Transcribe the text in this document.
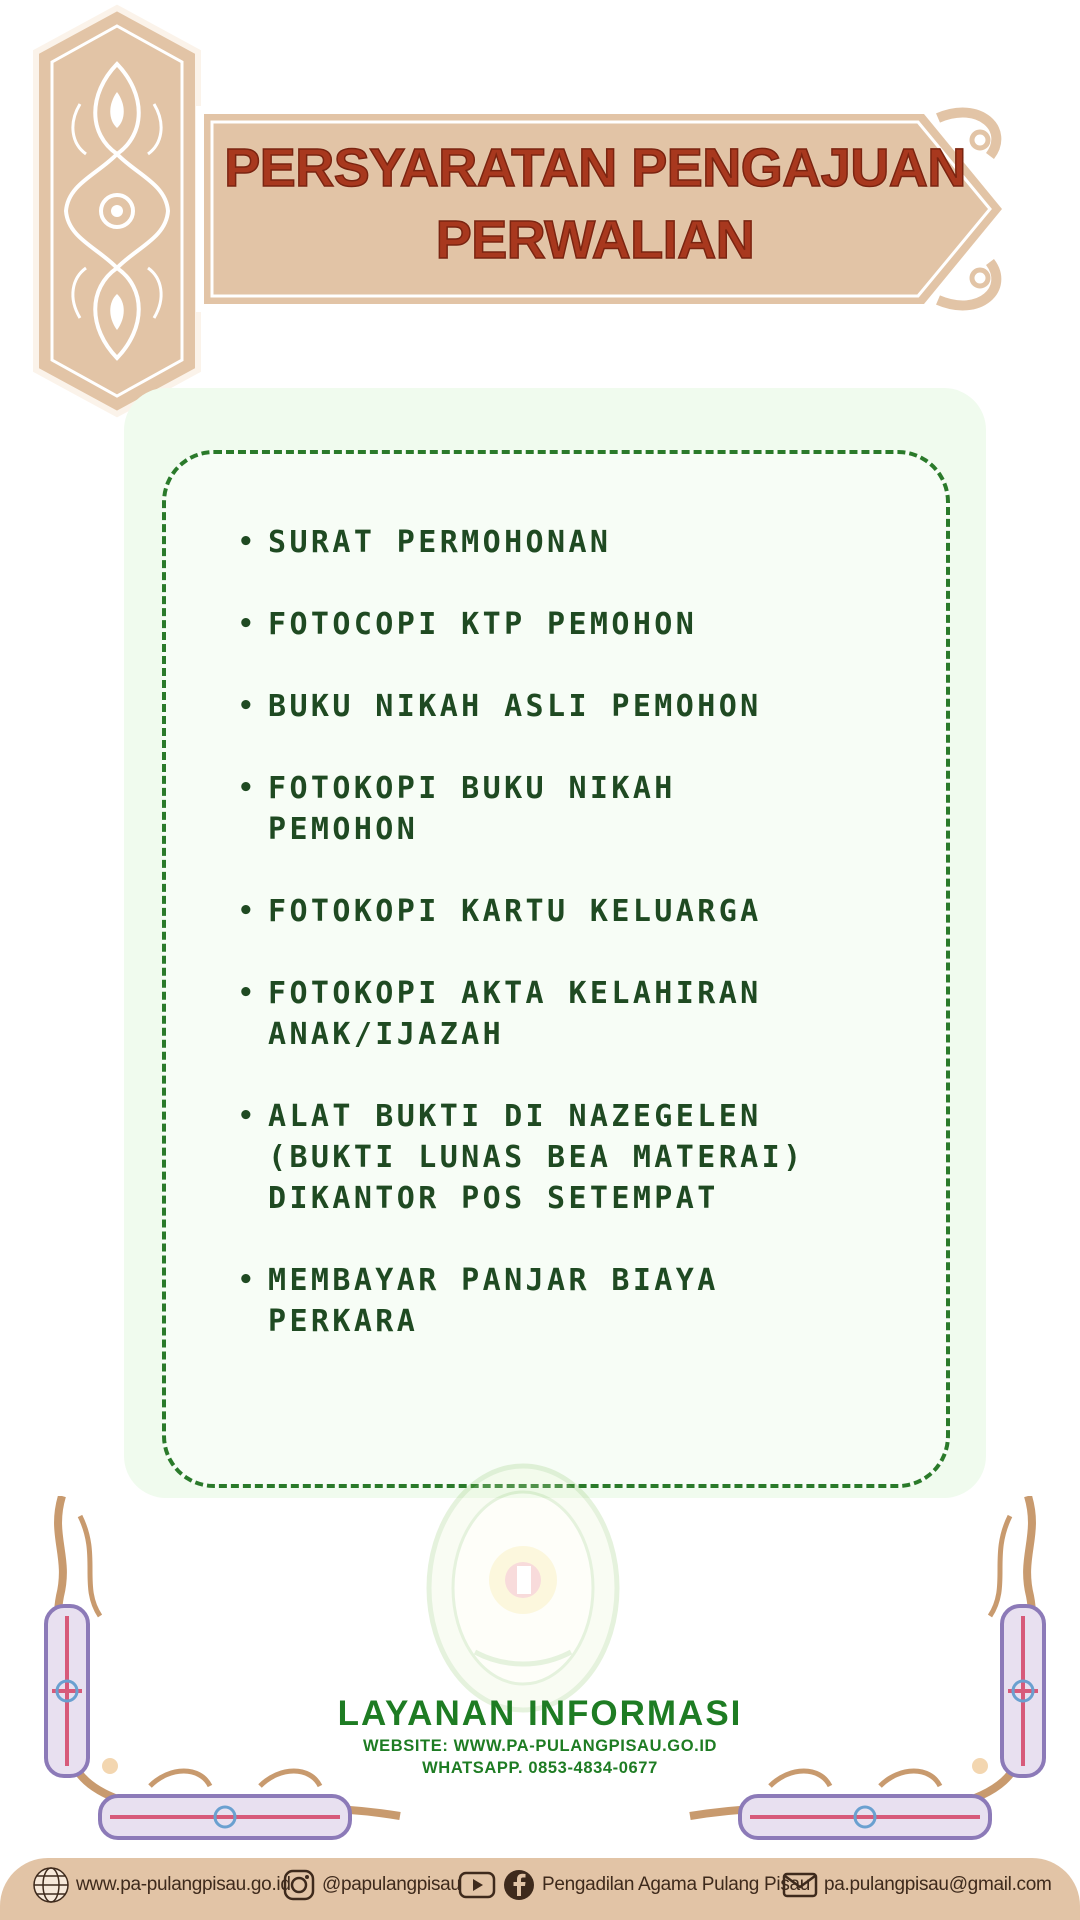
PERSYARATAN PENGAJUAN
PERWALIAN
• SURAT PERMOHONAN
• FOTOCOPI KTP PEMOHON
• BUKU NIKAH ASLI PEMOHON
• FOTOKOPI BUKU NIKAH
PEMOHON
• FOTOKOPI KARTU KELUARGA
• FOTOKOPI AKTA KELAHIRAN
ANAK/IJAZAH
• ALAT BUKTI DI NAZEGELEN
(BUKTI LUNAS BEA MATERAI)
DIKANTOR POS SETEMPAT
• MEMBAYAR PANJAR BIAYA
PERKARA
LAYANAN INFORMASI
WEBSITE: WWW.PA-PULANGPISAU.GO.ID
WHATSAPP. 0853-4834-0677
www.pa-pulangpisau.go.id @papulangpisau	Pengadilan Agama Pulang Pisau pa.pulangpisau@gmail.com
